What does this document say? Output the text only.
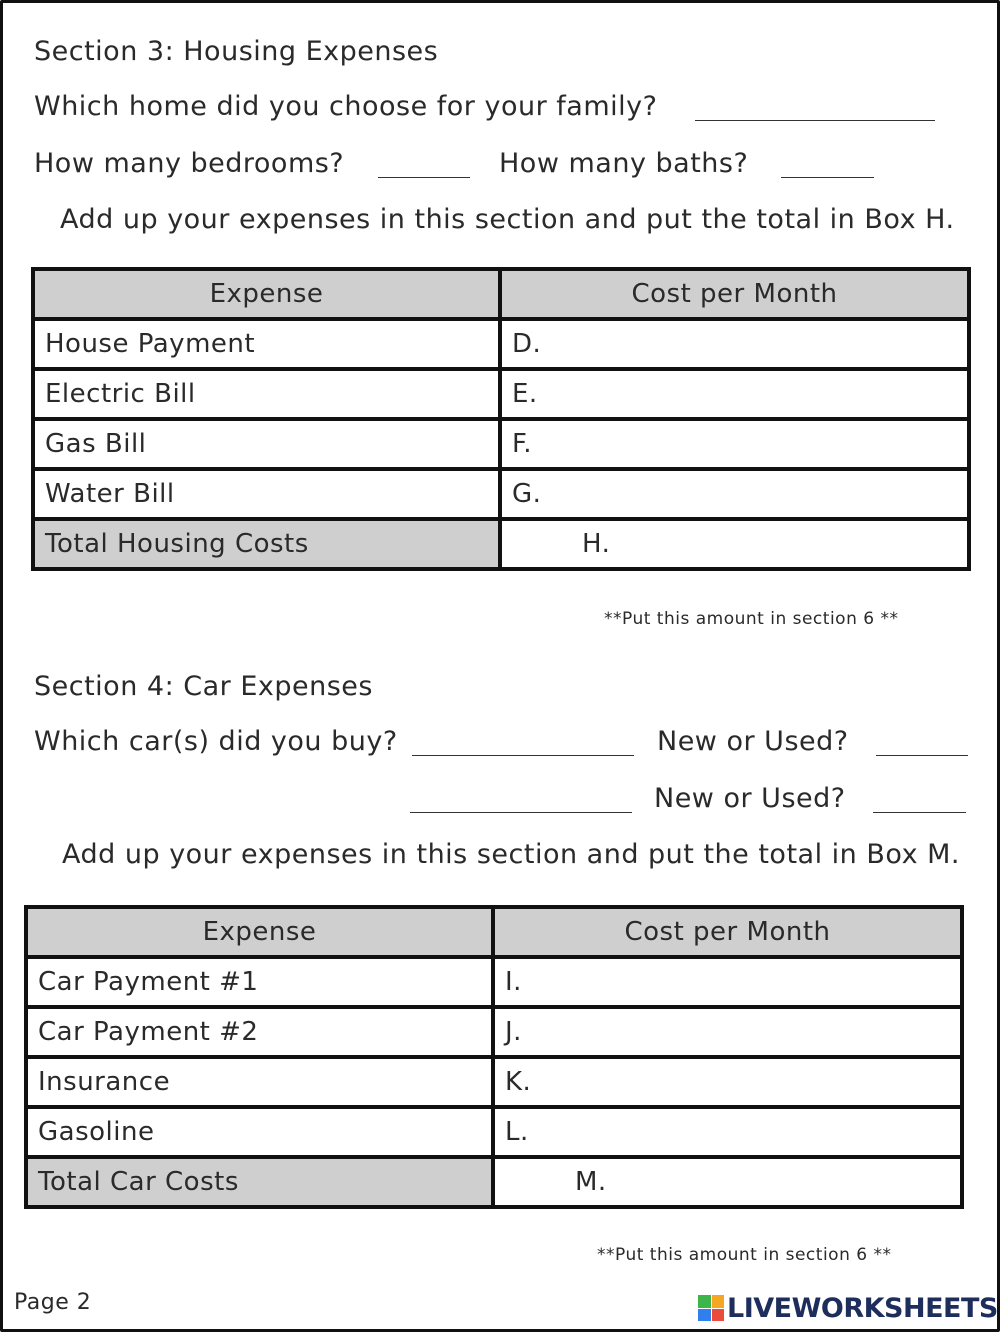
Section 3: Housing Expenses
Which home did you choose for your family?
How many bedrooms?	How many baths?
Add up your expenses in this section and put the total in Box H.
Expense	Cost per Month
House Payment	D.
Electric Bill	E.
Gas Bill	F.
Water Bill	G.
Total Housing Costs	H.
**Put this amount in section 6 **
Section 4: Car Expenses
Which car(s) did you buy?	New or Used?
New or Used?
Add up your expenses in this section and put the total in Box M.
Expense	Cost per Month
Car Payment #1	I.
Car Payment #2	J.
Insurance	K.
Gasoline	L.
Total Car Costs	M.
**Put this amount in section 6 **
Page 2	LIVEWORKSHEETS
